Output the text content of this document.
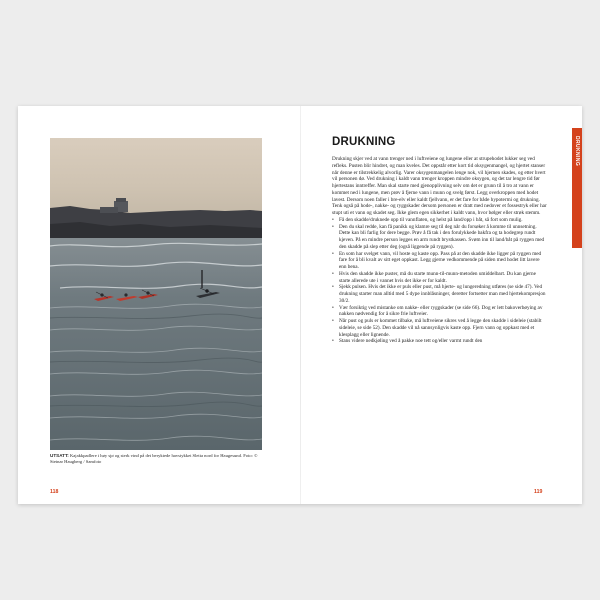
UTSATT: Kajakkpadlere i høy sjø og sterk vind på det beryktede havstykket Sletta nord for Haugesund. Foto: © Steinar Haugberg / Samfoto
118
DRUKNING	DRUKNING

Drukning skjer ved at vann trenger ned i luftveiene og lungene eller at strupehodet lukker seg ved refleks. Pusten blir hindret, og man kveles. Det oppstår etter kort tid oksygenmangel, og hjertet stanser når denne er tilstrekkelig alvorlig. Varer oksygenmangelen lenge nok, vil hjernen skades, og etter hvert vil personen dø. Ved drukning i kaldt vann trenger kroppen mindre oksygen, og det tar lengre tid før hjertestans inntreffer. Man skal starte med gjenopplivning selv om det er grunn til å tro at vann er kommet ned i lungene, men prøv å fjerne vann i munn og svelg først. Legg overkroppen med hodet lavest. Dersom noen faller i bre-elv eller kaldt fjellvann, er det fare for både hypotermi og drukning. Tenk også på hode-, nakke- og ryggskader dersom personen er dratt med nedover et fossestryk eller har stupt uti et vann og skadet seg. Ikke glem egen sikkerhet i kaldt vann, hvor bølger eller strøk stemm.

• Få den skadde/druknede opp til vannflaten, og helst på land/opp i båt, så fort som mulig.
• Den du skal redde, kan få panikk og klamre seg til deg når du forsøker å komme til unnsetning. Dette kan bli farlig for dere begge. Prøv å få tak i den forulykkede bakfra og ta hodegrep rundt kjeven. På en mindre person legges en arm rundt brystkassen. Svøm inn til land/båt på ryggen med den skadde på slep etter deg (også liggende på ryggen).
• En som har svelget vann, vil hoste og kaste opp. Pass på at den skadde ikke ligger på ryggen med fare for å bli kvalt av sitt eget oppkast. Legg gjerne vedkommende på siden med hodet litt lavere enn bena.
• Hvis den skadde ikke puster, må du starte munn-til-munn-metoden umiddelbart. Du kan gjerne starte allerede ute i vannet hvis det ikke er for kaldt.
• Sjekk pulsen. Hvis det ikke er puls eller pust, må hjerte- og lungeredning utføres (se side 47). Ved drukning starter man alltid med 5 dype innblåsninger, deretter fortsetter man med hjertekompresjon 30/2.
• Vær forsiktig ved mistanke om nakke- eller ryggskader (se side 66). Dog er lett bakoverbøying av nakken nødvendig for å sikre frie luftveier.
• Når pust og puls er kommet tilbake, må luftveiene sikres ved å legge den skadde i sideleie (stabilt sideleie, se side 52). Den skadde vil nå sannsynligvis kaste opp. Fjern vann og oppkast med et klesplagg eller lignende.
• Stans videre nedkjøling ved å pakke noe tett og/eller varmt rundt den
119
